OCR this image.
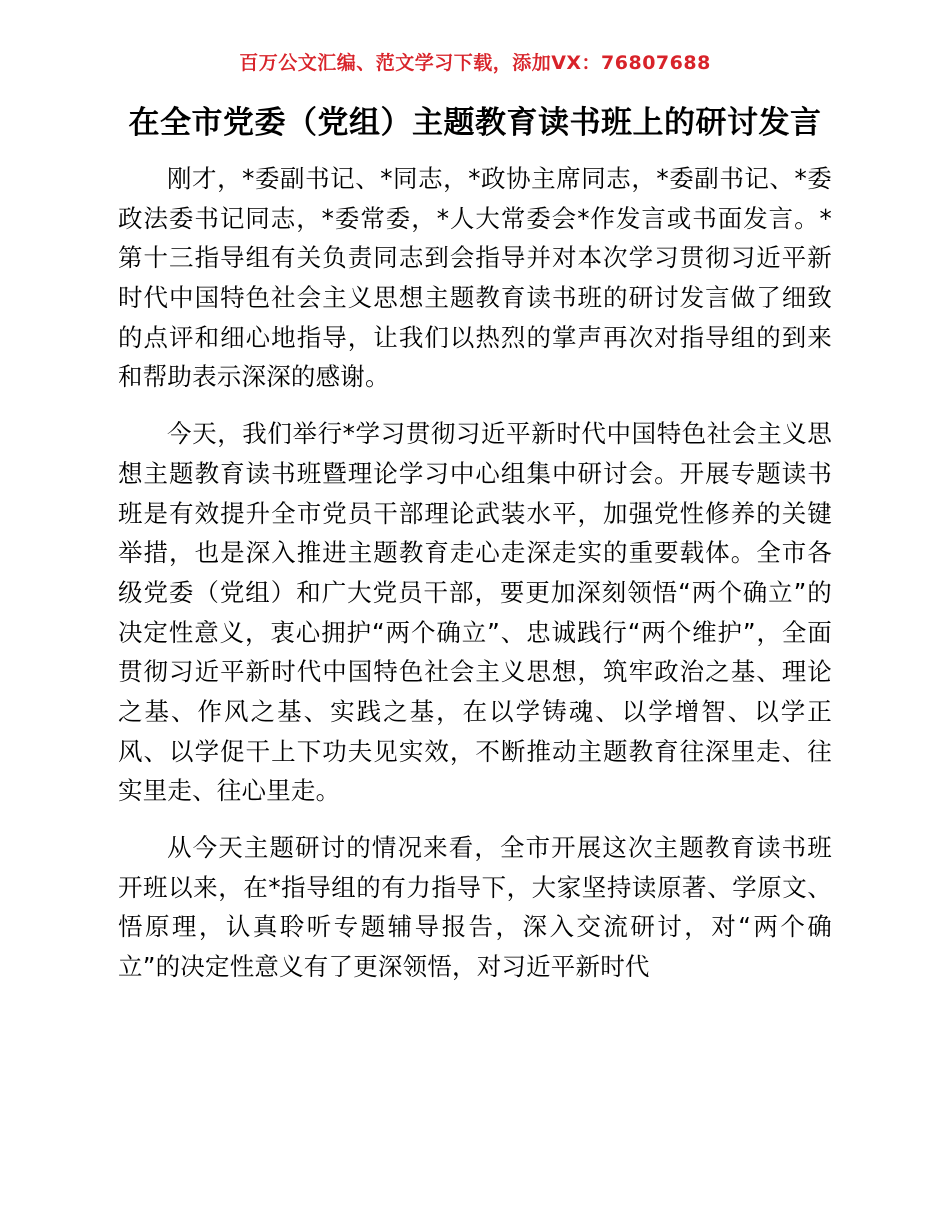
百万公文汇编、范文学习下载，添加VX：76807688
在全市党委（党组）主题教育读书班上的研讨发言

刚才，*委副书记、*同志，*政协主席同志，*委副书记、*委政法委书记同志，*委常委，*人大常委会*作发言或书面发言。*第十三指导组有关负责同志到会指导并对本次学习贯彻习近平新时代中国特色社会主义思想主题教育读书班的研讨发言做了细致的点评和细心地指导，让我们以热烈的掌声再次对指导组的到来和帮助表示深深的感谢。

今天，我们举行*学习贯彻习近平新时代中国特色社会主义思想主题教育读书班暨理论学习中心组集中研讨会。开展专题读书班是有效提升全市党员干部理论武装水平，加强党性修养的关键举措，也是深入推进主题教育走心走深走实的重要载体。全市各级党委（党组）和广大党员干部，要更加深刻领悟“两个确立”的决定性意义，衷心拥护“两个确立”、忠诚践行“两个维护”，全面贯彻习近平新时代中国特色社会主义思想，筑牢政治之基、理论之基、作风之基、实践之基，在以学铸魂、以学增智、以学正风、以学促干上下功夫见实效，不断推动主题教育往深里走、往实里走、往心里走。

从今天主题研讨的情况来看，全市开展这次主题教育读书班开班以来，在*指导组的有力指导下，大家坚持读原著、学原文、悟原理，认真聆听专题辅导报告，深入交流研讨，对“两个确立”的决定性意义有了更深领悟，对习近平新时代
